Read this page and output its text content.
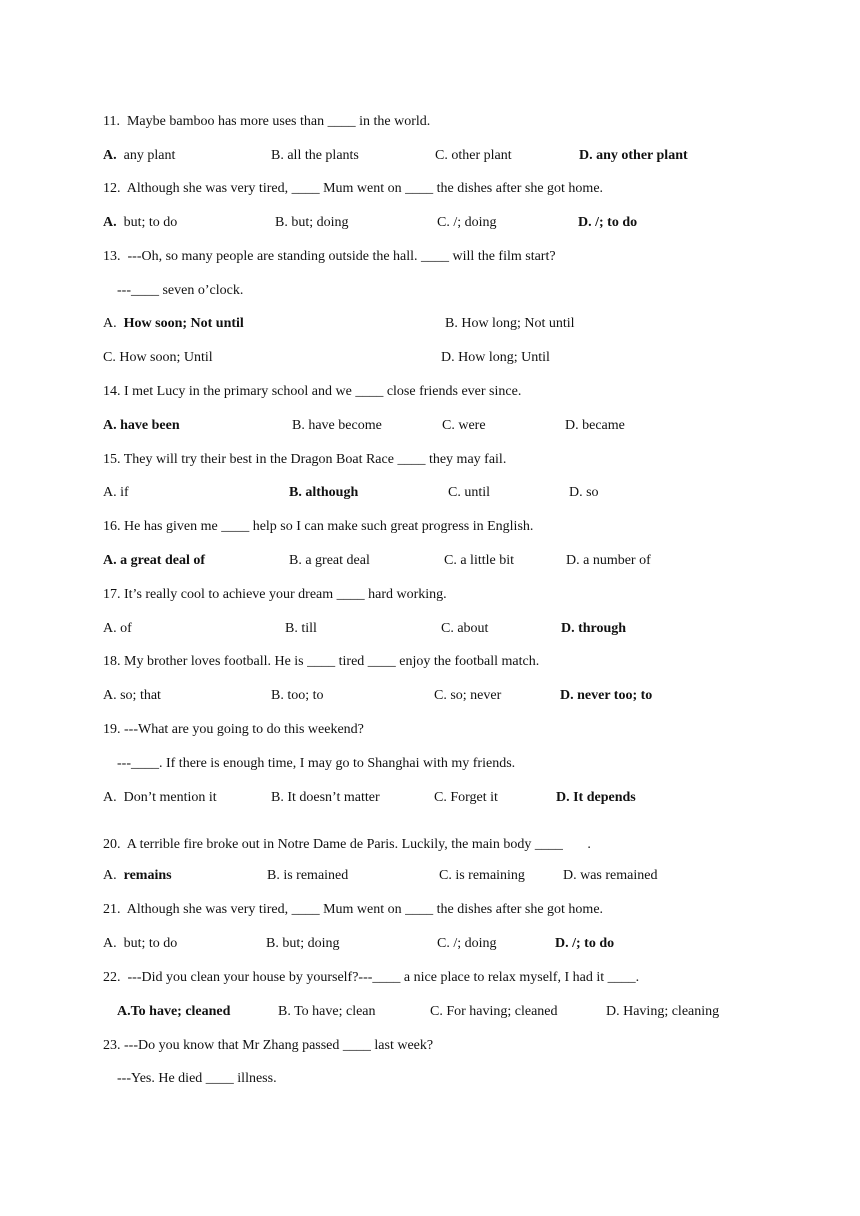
11.  Maybe bamboo has more uses than ____ in the world.
A. any plant	B. all the plants	C. other plant	D. any other plant
12.  Although she was very tired, ____ Mum went on ____ the dishes after she got home.
A. but; to do	B. but; doing	C. /; doing	D. /; to do
13.  ---Oh, so many people are standing outside the hall. ____ will the film start?
---____ seven o’clock.
A. How soon; Not until	B. How long; Not until
C. How soon; Until	D. How long; Until
14. I met Lucy in the primary school and we ____ close friends ever since.
A. have been	B. have become	C. were	D. became
15. They will try their best in the Dragon Boat Race ____ they may fail.
A. if	B. although	C. until	D. so
16. He has given me ____ help so I can make such great progress in English.
A. a great deal of	B. a great deal	C. a little bit	D. a number of
17. It’s really cool to achieve your dream ____ hard working.
A. of	B. till	C. about	D. through
18. My brother loves football. He is ____ tired ____ enjoy the football match.
A. so; that	B. too; to	C. so; never	D. never too; to
19. ---What are you going to do this weekend?
---____. If there is enough time, I may go to Shanghai with my friends.
A.  Don’t mention it	B. It doesn’t matter	C. Forget it	D. It depends
20.  A terrible fire broke out in Notre Dame de Paris. Luckily, the main body ____       .
A. remains	B. is remained	C. is remaining	D. was remained
21.  Although she was very tired, ____ Mum went on ____ the dishes after she got home.
A. but; to do	B. but; doing	C. /; doing	D. /; to do
22.  ---Did you clean your house by yourself?---____ a nice place to relax myself, I had it ____.
A.To have; cleaned	B. To have; clean	C. For having; cleaned	D. Having; cleaning
23. ---Do you know that Mr Zhang passed ____ last week?
---Yes. He died ____ illness.
